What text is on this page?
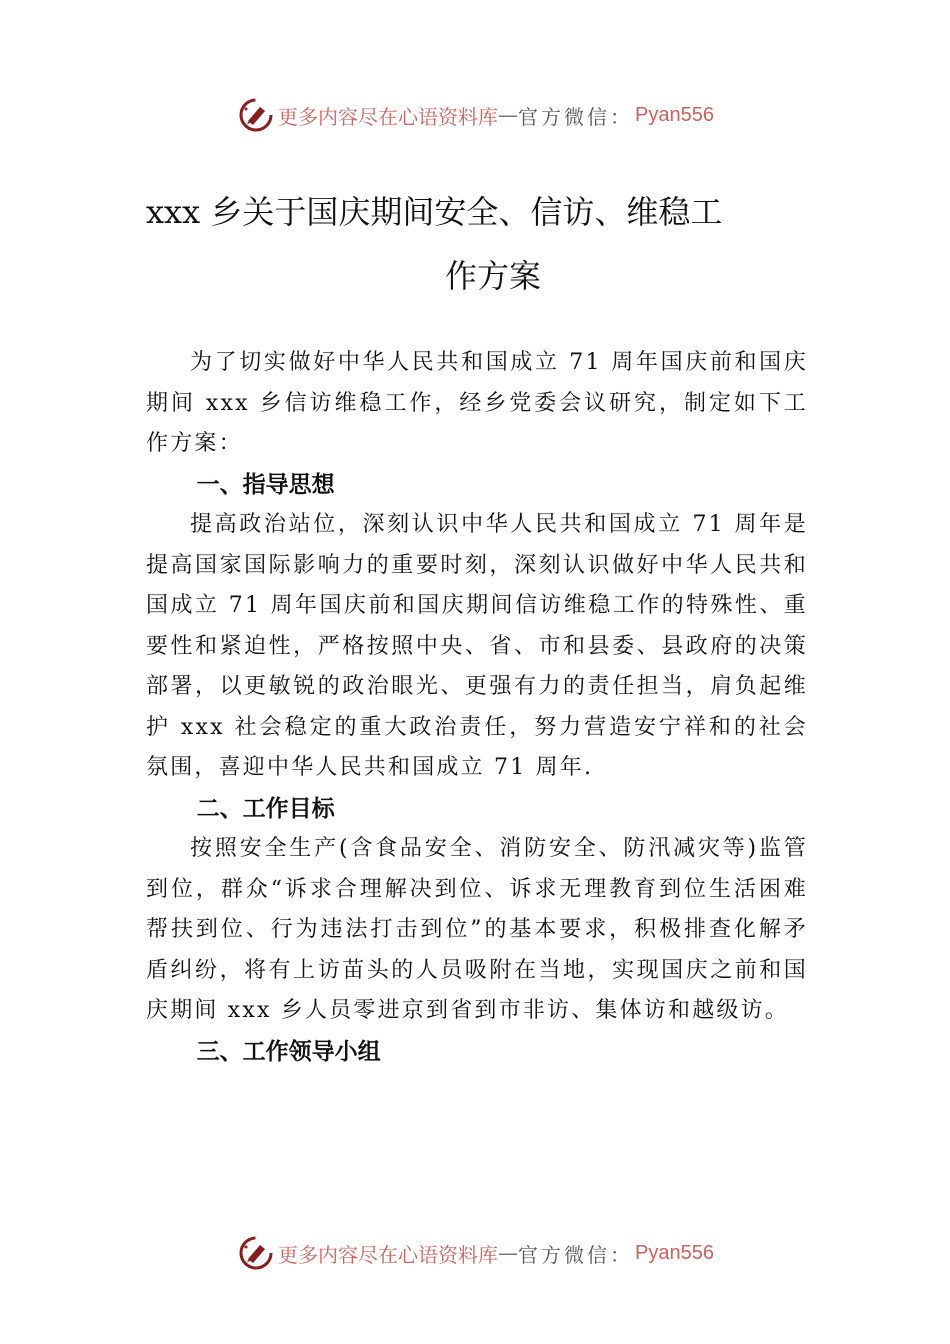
更多内容尽在心语资料库 — 官方微信： Pyan556
xxx 乡关于国庆期间安全、信访、维稳工
作方案

为了切实做好中华人民共和国成立 71 周年国庆前和国庆期间 xxx 乡信访维稳工作，经乡党委会议研究，制定如下工作方案：

一、指导思想

提高政治站位，深刻认识中华人民共和国成立 71 周年是提高国家国际影响力的重要时刻，深刻认识做好中华人民共和国成立 71 周年国庆前和国庆期间信访维稳工作的特殊性、重要性和紧迫性，严格按照中央、省、市和县委、县政府的决策部署，以更敏锐的政治眼光、更强有力的责任担当，肩负起维护 xxx 社会稳定的重大政治责任，努力营造安宁祥和的社会氛围，喜迎中华人民共和国成立 71 周年.

二、工作目标

按照安全生产(含食品安全、消防安全、防汛减灾等)监管到位，群众“诉求合理解决到位、诉求无理教育到位生活困难帮扶到位、行为违法打击到位”的基本要求，积极排查化解矛盾纠纷，将有上访苗头的人员吸附在当地，实现国庆之前和国庆期间 xxx 乡人员零进京到省到市非访、集体访和越级访。

三、工作领导小组
更多内容尽在心语资料库 — 官方微信： Pyan556
